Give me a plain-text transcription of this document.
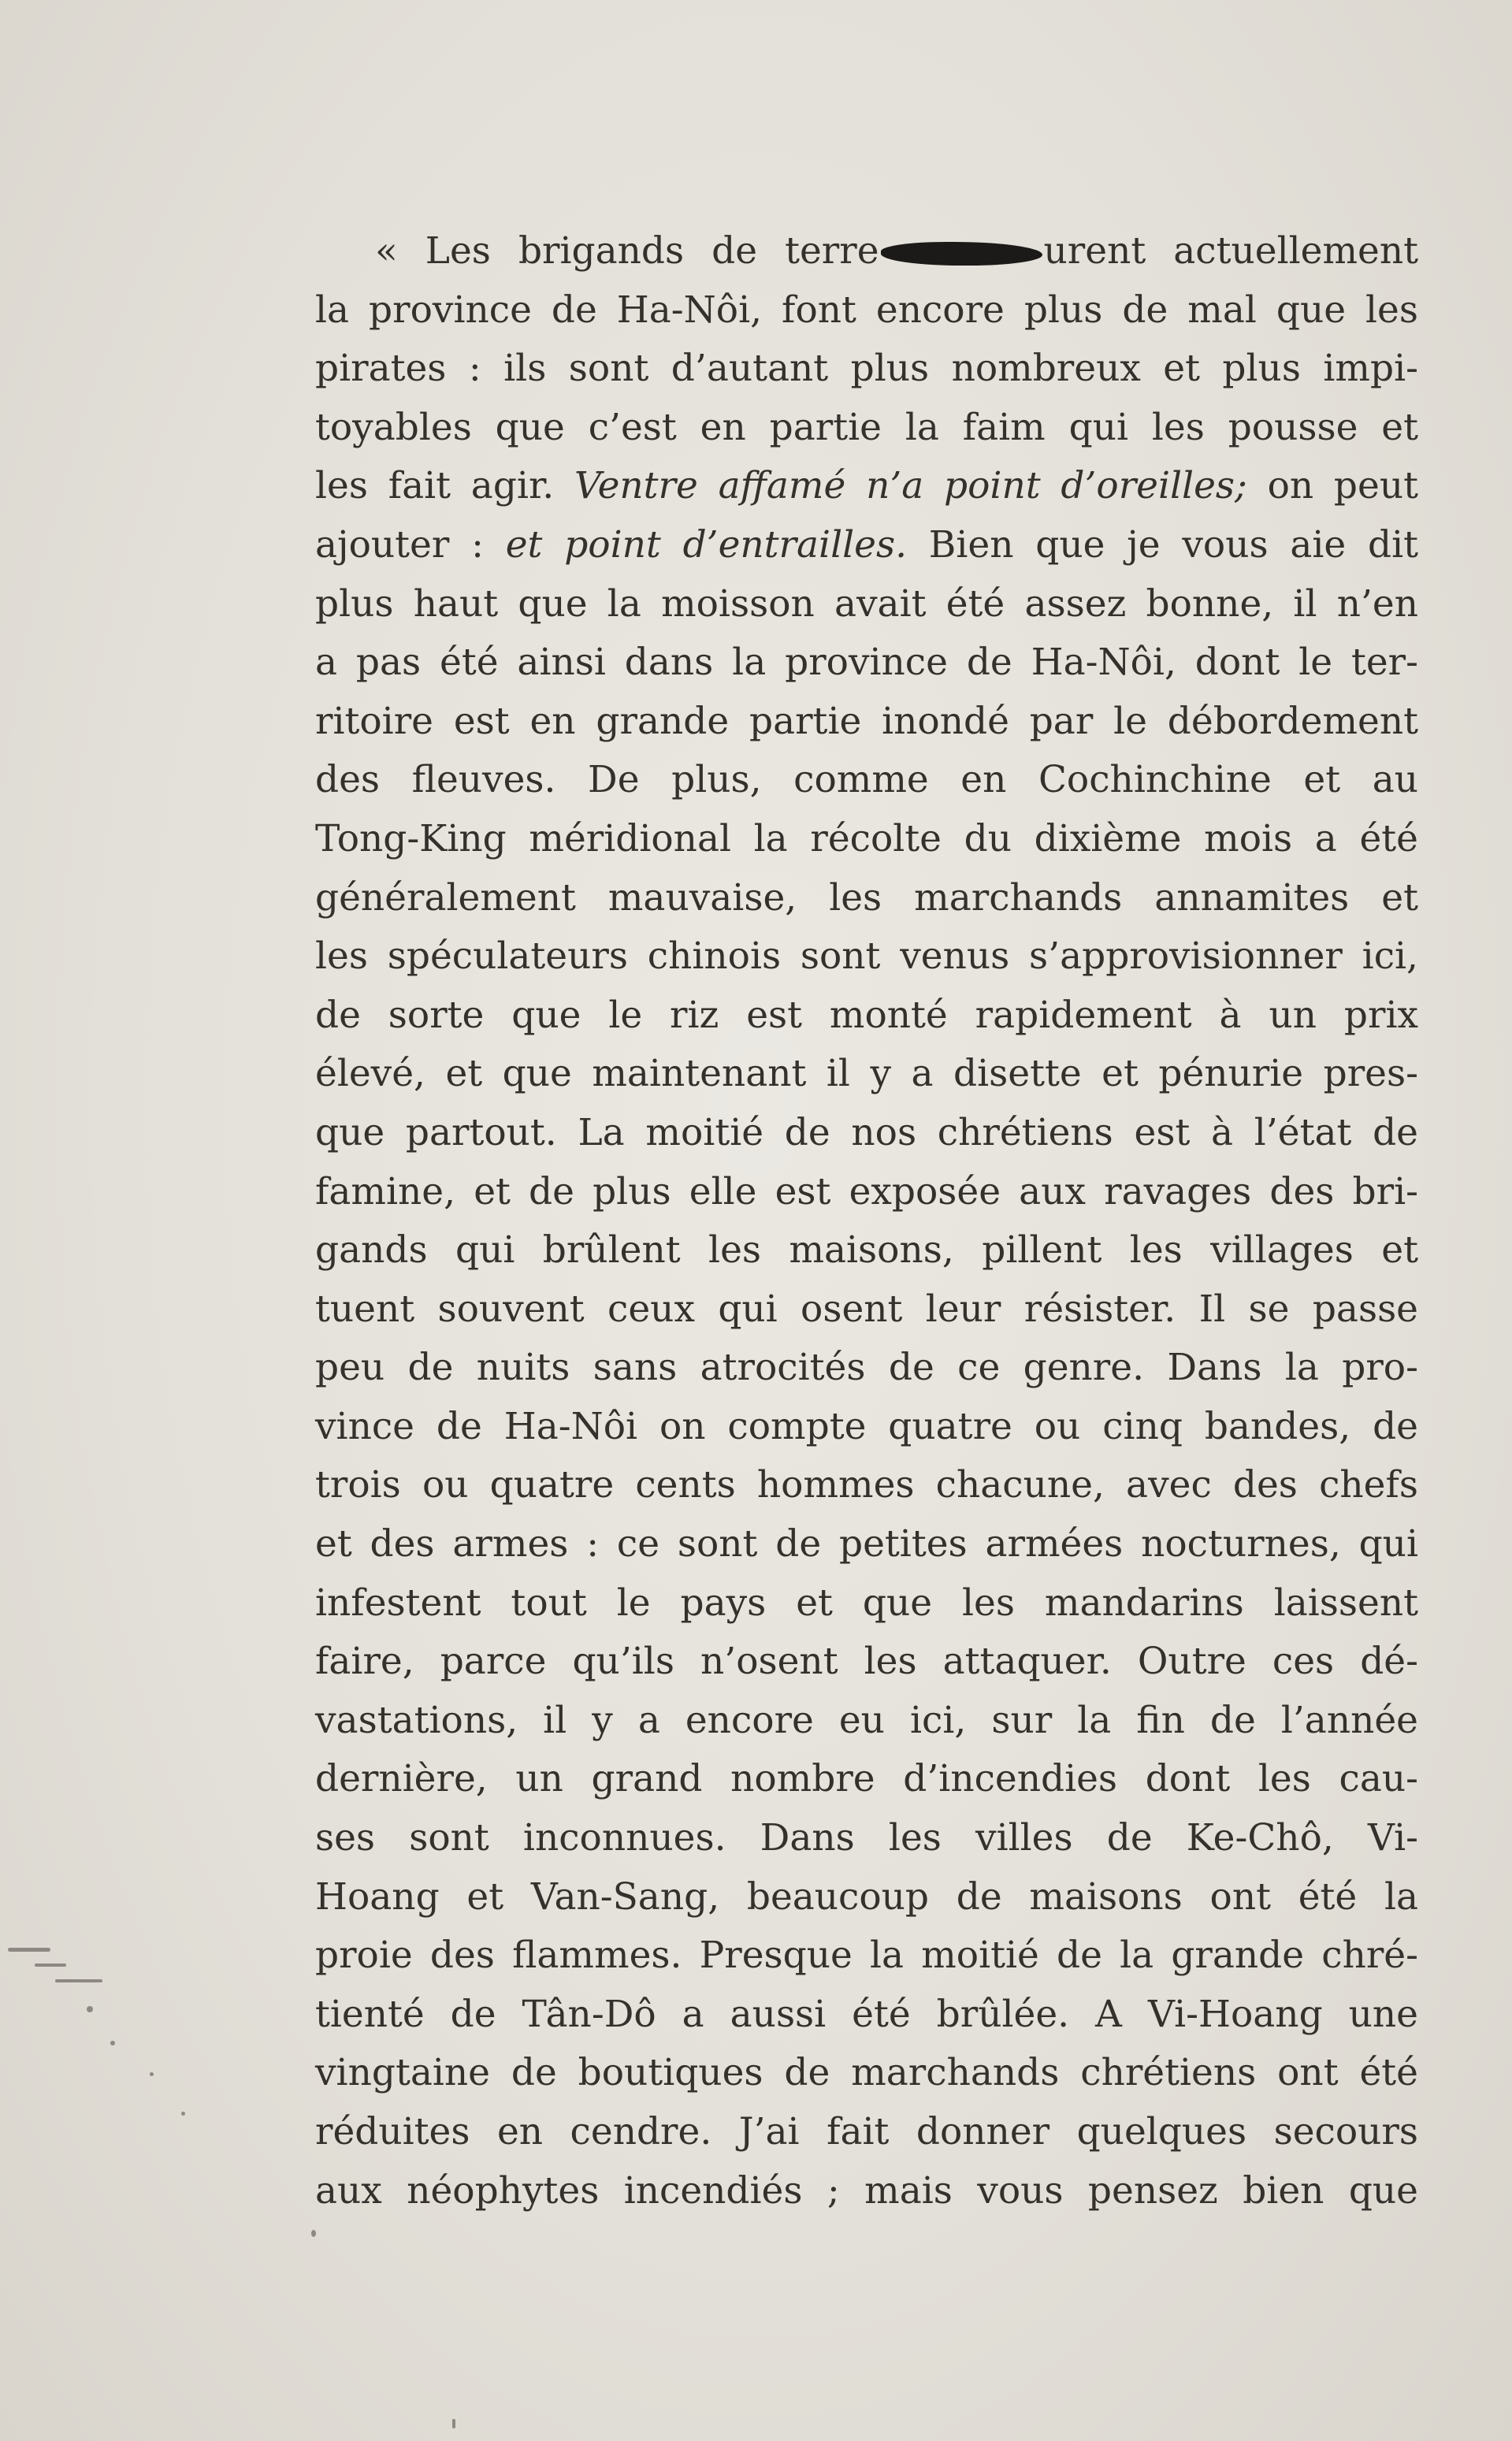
« Les brigands de terre	urent actuellement
la province de Ha-Nôi, font encore plus de mal que les
pirates : ils sont d’autant plus nombreux et plus impi-
toyables que c’est en partie la faim qui les pousse et
les fait agir. Ventre affamé n’a point d’oreilles; on peut
ajouter : et point d’entrailles. Bien que je vous aie dit
plus haut que la moisson avait été assez bonne, il n’en
a pas été ainsi dans la province de Ha-Nôi, dont le ter-
ritoire est en grande partie inondé par le débordement
des fleuves. De plus, comme en Cochinchine et au
Tong-King méridional la récolte du dixième mois a été
généralement mauvaise, les marchands annamites et
les spéculateurs chinois sont venus s’approvisionner ici,
de sorte que le riz est monté rapidement à un prix
élevé, et que maintenant il y a disette et pénurie pres-
que partout. La moitié de nos chrétiens est à l’état de
famine, et de plus elle est exposée aux ravages des bri-
gands qui brûlent les maisons, pillent les villages et
tuent souvent ceux qui osent leur résister. Il se passe
peu de nuits sans atrocités de ce genre. Dans la pro-
vince de Ha-Nôi on compte quatre ou cinq bandes, de
trois ou quatre cents hommes chacune, avec des chefs
et des armes : ce sont de petites armées nocturnes, qui
infestent tout le pays et que les mandarins laissent
faire, parce qu’ils n’osent les attaquer. Outre ces dé-
vastations, il y a encore eu ici, sur la fin de l’année
dernière, un grand nombre d’incendies dont les cau-
ses sont inconnues. Dans les villes de Ke-Chô, Vi-
Hoang et Van-Sang, beaucoup de maisons ont été la
proie des flammes. Presque la moitié de la grande chré-
tienté de Tân-Dô a aussi été brûlée. A Vi-Hoang une
vingtaine de boutiques de marchands chrétiens ont été
réduites en cendre. J’ai fait donner quelques secours
aux néophytes incendiés ; mais vous pensez bien que
